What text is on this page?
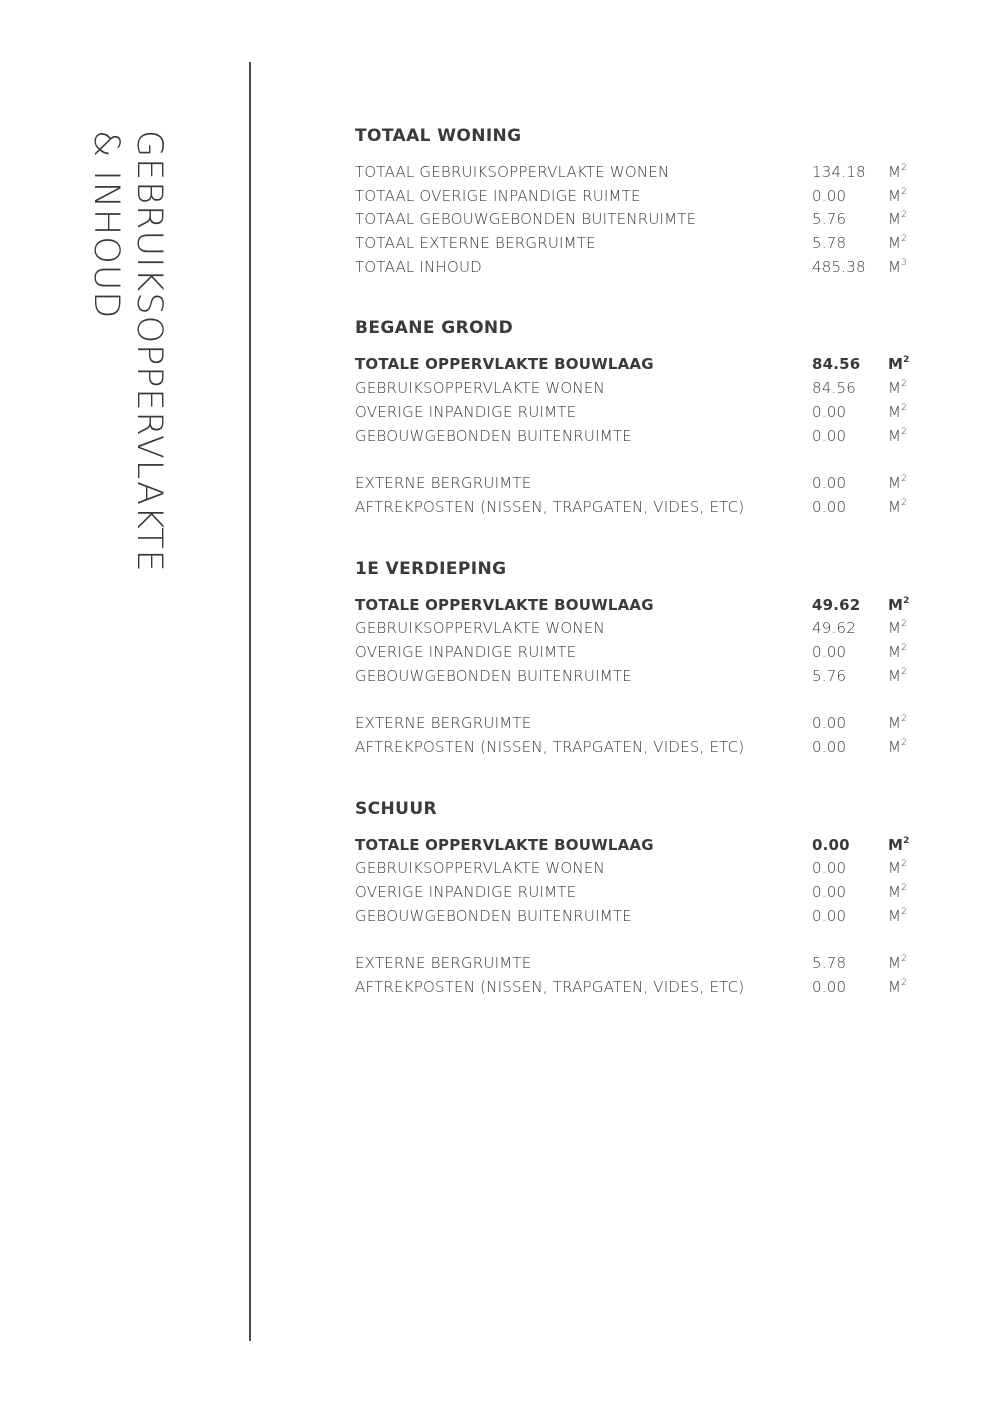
GEBRUIKSOPPERVLAKTE
& INHOUD	TOTAAL WONING
TOTAAL GEBRUIKSOPPERVLAKTE WONEN	134.18	$M^2$
TOTAAL OVERIGE INPANDIGE RUIMTE	0.00	$M^2$
TOTAAL GEBOUWGEBONDEN BUITENRUIMTE	5.76	$M^2$
TOTAAL EXTERNE BERGRUIMTE	5.78	$M^2$
TOTAAL INHOUD	485.38	$M^3$
BEGANE GROND
TOTALE OPPERVLAKTE BOUWLAAG	84.56	$M^2$
GEBRUIKSOPPERVLAKTE WONEN	84.56	$M^2$
OVERIGE INPANDIGE RUIMTE	0.00	$M^2$
GEBOUWGEBONDEN BUITENRUIMTE	0.00	$M^2$
EXTERNE BERGRUIMTE	0.00	$M^2$
AFTREKPOSTEN (NISSEN, TRAPGATEN, VIDES, ETC)	0.00	$M^2$
1E VERDIEPING
TOTALE OPPERVLAKTE BOUWLAAG	49.62	$M^2$
GEBRUIKSOPPERVLAKTE WONEN	49.62	$M^2$
OVERIGE INPANDIGE RUIMTE	0.00	$M^2$
GEBOUWGEBONDEN BUITENRUIMTE	5.76	$M^2$
EXTERNE BERGRUIMTE	0.00	$M^2$
AFTREKPOSTEN (NISSEN, TRAPGATEN, VIDES, ETC)	0.00	$M^2$
SCHUUR
TOTALE OPPERVLAKTE BOUWLAAG	0.00	$M^2$
GEBRUIKSOPPERVLAKTE WONEN	0.00	$M^2$
OVERIGE INPANDIGE RUIMTE	0.00	$M^2$
GEBOUWGEBONDEN BUITENRUIMTE	0.00	$M^2$
EXTERNE BERGRUIMTE	5.78	$M^2$
AFTREKPOSTEN (NISSEN, TRAPGATEN, VIDES, ETC)	0.00	$M^2$
